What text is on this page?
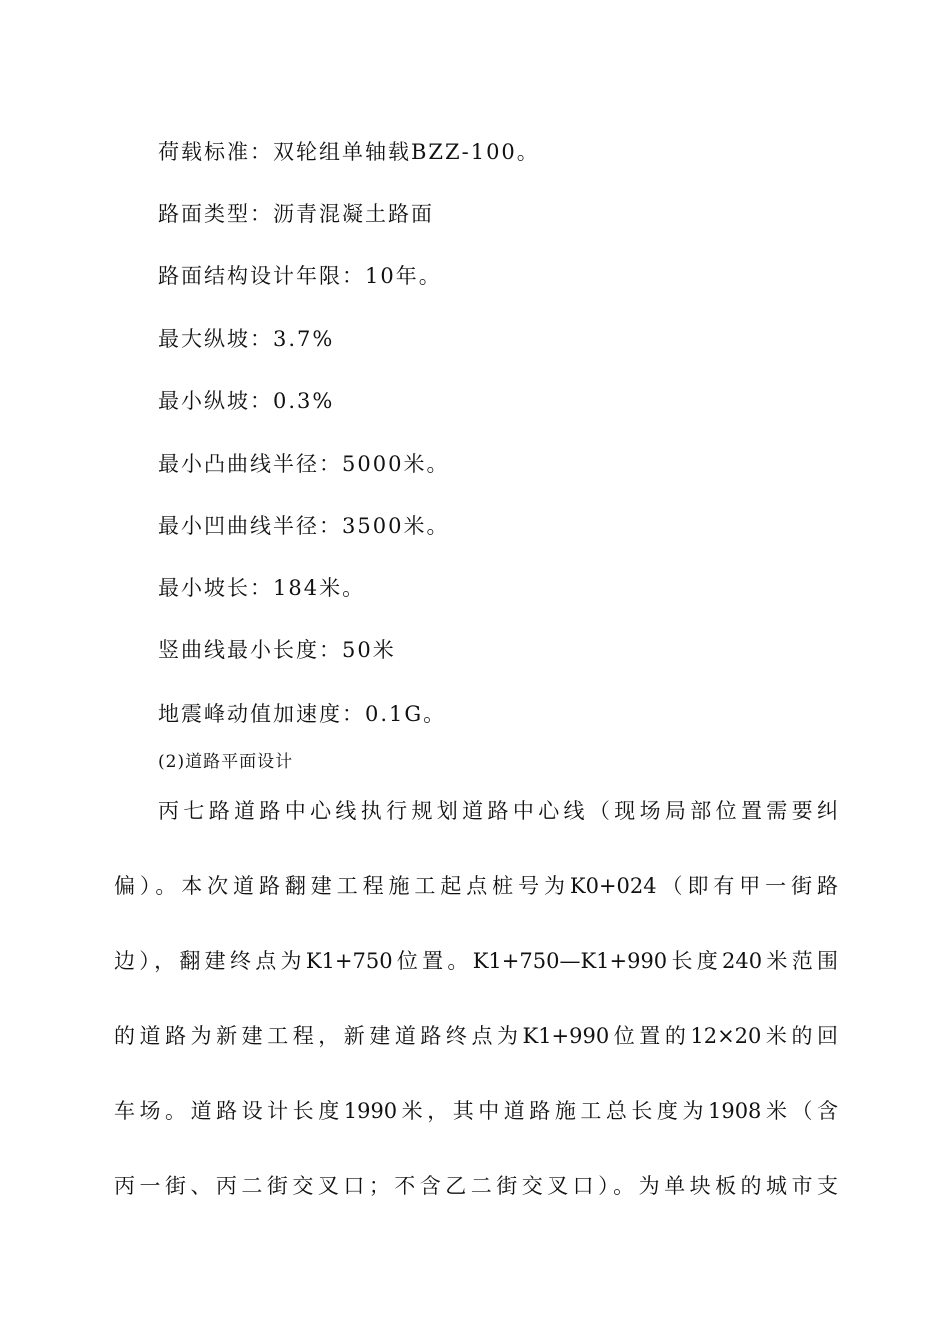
荷载标准：双轮组单轴载BZZ-100。
路面类型：沥青混凝土路面
路面结构设计年限：10年。
最大纵坡：3.7%
最小纵坡：0.3%
最小凸曲线半径：5000米。
最小凹曲线半径：3500米。
最小坡长：184米。
竖曲线最小长度：50米
地震峰动值加速度：0.1G。
(2)道路平面设计
丙七路道路中心线执行规划道路中心线（现场局部位置需要纠
偏）。本次道路翻建工程施工起点桩号为K0+024（即有甲一街路
边），翻建终点为K1+750位置。K1+750—K1+990长度240米范围
的道路为新建工程，新建道路终点为K1+990位置的12×20米的回
车场。道路设计长度1990米，其中道路施工总长度为1908米（含
丙一街、丙二街交叉口；不含乙二街交叉口）。为单块板的城市支
